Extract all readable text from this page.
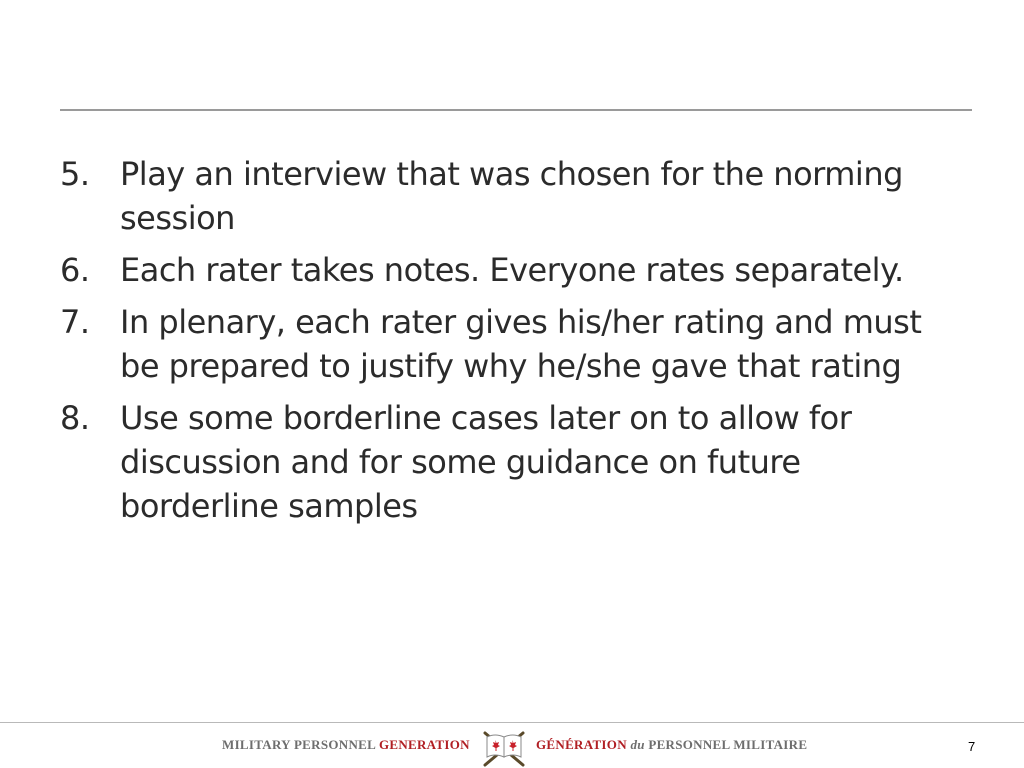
5. Play an interview that was chosen for the norming session
6. Each rater takes notes. Everyone rates separately.
7. In plenary, each rater gives his/her rating and must be prepared to justify why he/she gave that rating
8. Use some borderline cases later on to allow for discussion and for some guidance on future borderline samples
MILITARY PERSONNEL GENERATION	GÉNÉRATION du PERSONNEL MILITAIRE	7
